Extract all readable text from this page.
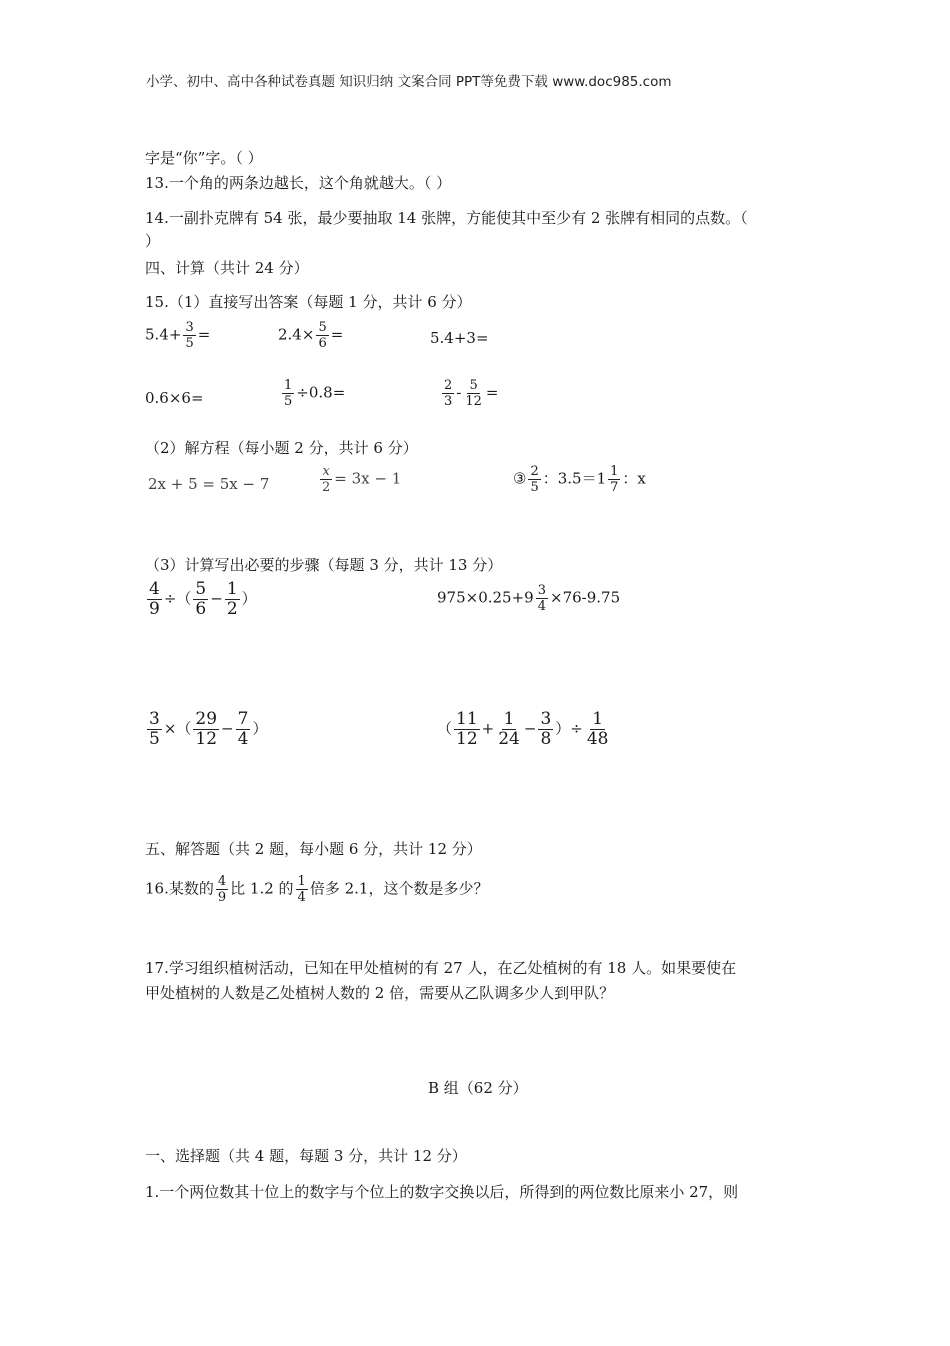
小学、初中、高中各种试卷真题 知识归纳 文案合同 PPT等免费下载 www.doc985.com
字是“你”字。（ ）
13.一个角的两条边越长，这个角就越大。（ ）
14.一副扑克牌有 54 张，最少要抽取 14 张牌，方能使其中至少有 2 张牌有相同的点数。（
）
四、计算（共计 24 分）
15.（1）直接写出答案（每题 1 分，共计 6 分）
$5.4+ \frac{3}{5}$ =	$2.4\times \frac{5}{6}$ =	5.4+3=
0.6×6=	$\frac{1}{5} \div 0.8=$	$\frac{2}{3} - \frac{5}{12}$ =
（2）解方程（每小题 2 分，共计 6 分）
2x + 5 = 5x − 7	$\frac{x}{2} = 3x - 1$	③ $\frac{2}{5}$ ：$3.5=1 \frac{1}{7}$ ：x
（3）计算写出必要的步骤（每题 3 分，共计 13 分）
$\frac{4}{9}$ ÷（ $\frac{5}{6} - \frac{1}{2}$ ）	$975\times 0.25+9 \frac{3}{4} \times 76-9.75$
$\frac{3}{5}$ ×（ $\frac{29}{12} - \frac{7}{4}$ ）	（ $\frac{11}{12} + \frac{1}{24} - \frac{3}{8}$ ）÷ $\frac{1}{48}$
五、解答题（共 2 题，每小题 6 分，共计 12 分）
16.某数的 $\frac{4}{9}$ 比 1.2 的 $\frac{1}{4}$ 倍多 2.1，这个数是多少？
17.学习组织植树活动，已知在甲处植树的有 27 人，在乙处植树的有 18 人。如果要使在
甲处植树的人数是乙处植树人数的 2 倍，需要从乙队调多少人到甲队？
B 组（62 分）
一、选择题（共 4 题，每题 3 分，共计 12 分）
1.一个两位数其十位上的数字与个位上的数字交换以后，所得到的两位数比原来小 27，则
